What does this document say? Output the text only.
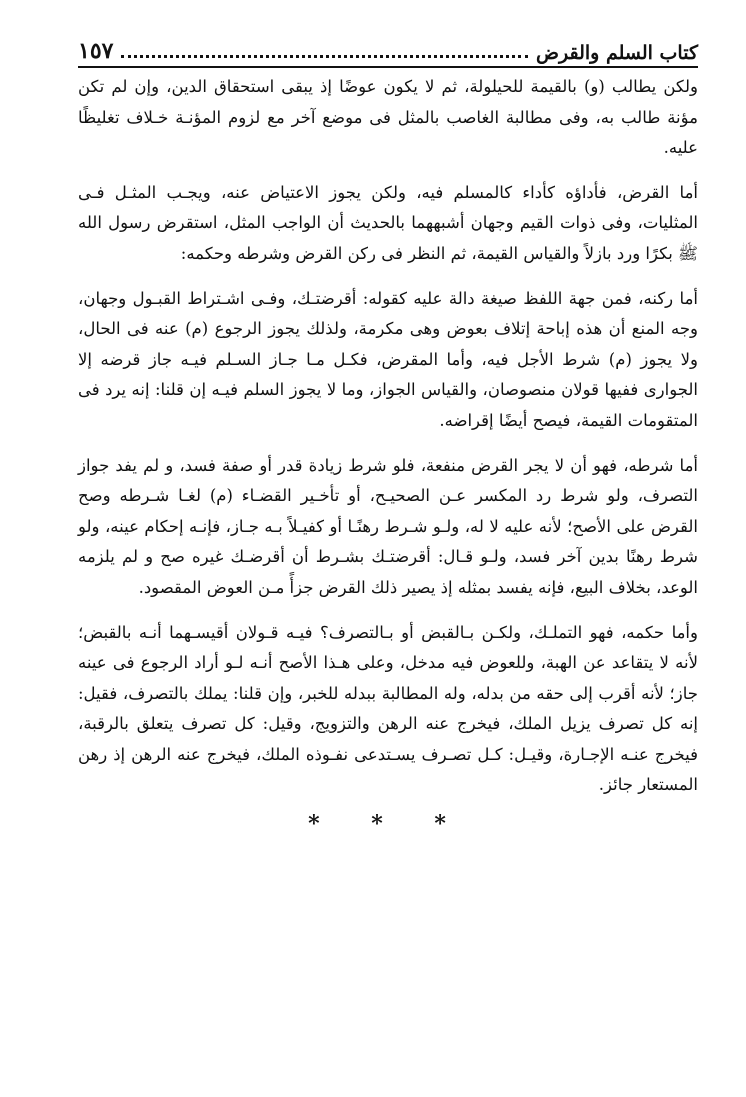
كتاب السلم والقرض
١٥٧

ولكن يطالب (و) بالقيمة للحيلولة، ثم لا يكون عوضًا إذ يبقى استحقاق الدين، وإن لم تكن مؤنة طالب به، وفى مطالبة الغاصب بالمثل فى موضع آخر مع لزوم المؤنـة خـلاف تغليظًا عليه.

أما القرض، فأداؤه كأداء كالمسلم فيه، ولكن يجوز الاعتياض عنه، ويجـب المثـل فـى المثليات، وفى ذوات القيم وجهان أشبههما بالحديث أن الواجب المثل، استقرض رسول الله ﷺ بكرًا ورد بازلاً والقياس القيمة، ثم النظر فى ركن القرض وشرطه وحكمه:

أما ركنه، فمن جهة اللفظ صيغة دالة عليه كقوله: أقرضتـك، وفـى اشـتراط القبـول وجهان، وجه المنع أن هذه إباحة إتلاف بعوض وهى مكرمة، ولذلك يجوز الرجوع (م) عنه فى الحال، ولا يجوز (م) شرط الأجل فيه، وأما المقرض، فكـل مـا جـاز السـلم فيـه جاز قرضه إلا الجوارى ففيها قولان منصوصان، والقياس الجواز، وما لا يجوز السلم فيـه إن قلنا: إنه يرد فى المتقومات القيمة، فيصح أيضًا إقراضه.

أما شرطه، فهو أن لا يجر القرض منفعة، فلو شرط زيادة قدر أو صفة فسد، و لم يفد جواز التصرف، ولو شرط رد المكسر عـن الصحيـح، أو تأخـير القضـاء (م) لغـا شـرطه وصح القرض على الأصح؛ لأنه عليه لا له، ولـو شـرط رهنًـا أو كفيـلاً بـه جـاز، فإنـه إحكام عينه، ولو شرط رهنًا بدين آخر فسد، ولـو قـال: أقرضتـك بشـرط أن أقرضـك غيره صح و لم يلزمه الوعد، بخلاف البيع، فإنه يفسد بمثله إذ يصير ذلك القرض جزأً مـن العوض المقصود.

وأما حكمه، فهو التملـك، ولكـن بـالقبض أو بـالتصرف؟ فيـه قـولان أقيسـهما أنـه بالقبض؛ لأنه لا يتقاعد عن الهبة، وللعوض فيه مدخل، وعلى هـذا الأصح أنـه لـو أراد الرجوع فى عينه جاز؛ لأنه أقرب إلى حقه من بدله، وله المطالبة ببدله للخبر، وإن قلنا: يملك بالتصرف، فقيل: إنه كل تصرف يزيل الملك، فيخرج عنه الرهن والتزويج، وقيل: كل تصرف يتعلق بالرقبة، فيخرج عنـه الإجـارة، وقيـل: كـل تصـرف يسـتدعى نفـوذه الملك، فيخرج عنه الرهن إذ رهن المستعار جائز.

* * *
